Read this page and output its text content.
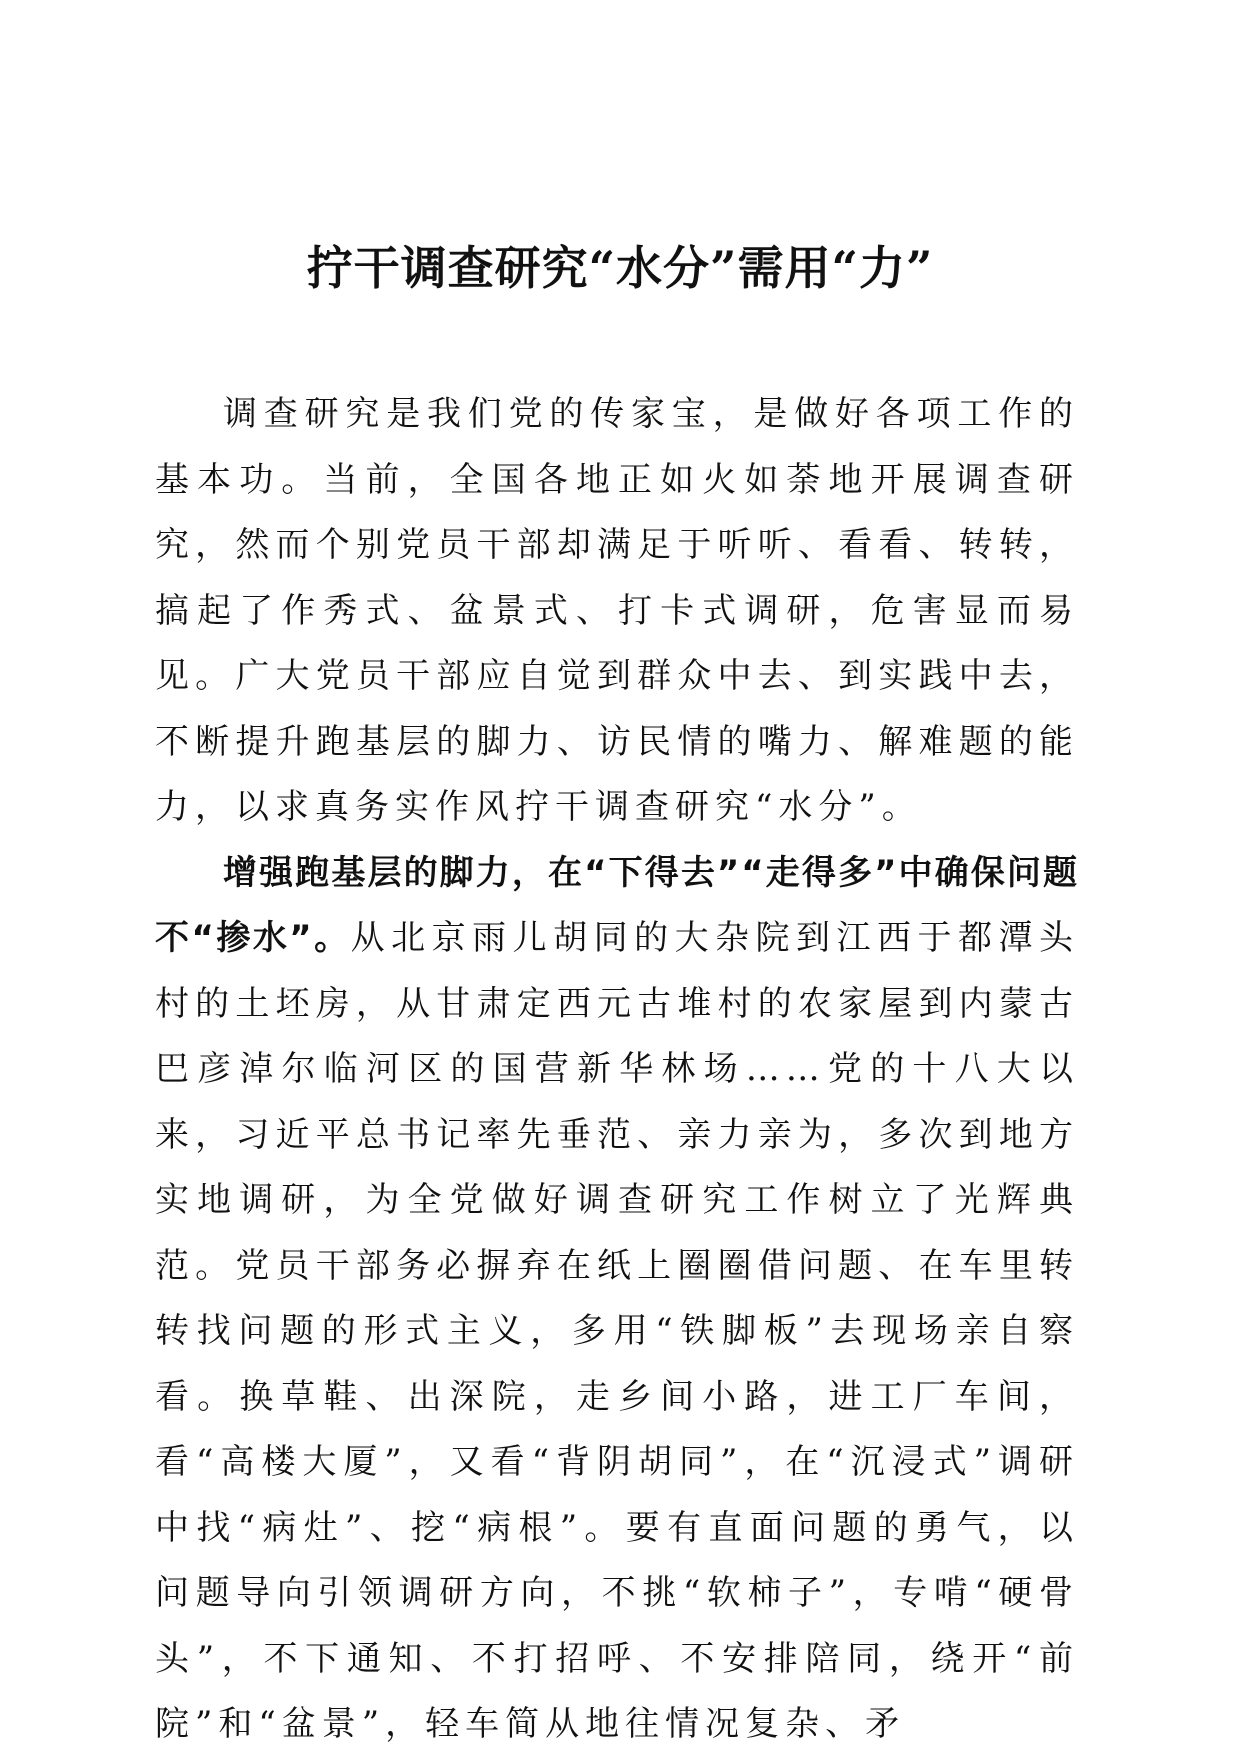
拧干调查研究“水分”需用“力”

调查研究是我们党的传家宝，是做好各项工作的基本功。当前，全国各地正如火如荼地开展调查研究，然而个别党员干部却满足于听听、看看、转转，搞起了作秀式、盆景式、打卡式调研，危害显而易见。广大党员干部应自觉到群众中去、到实践中去，不断提升跑基层的脚力、访民情的嘴力、解难题的能力，以求真务实作风拧干调查研究“水分”。

增强跑基层的脚力，在“下得去”“走得多”中确保问题不“掺水”。从北京雨儿胡同的大杂院到江西于都潭头村的土坯房，从甘肃定西元古堆村的农家屋到内蒙古巴彦淖尔临河区的国营新华林场……党的十八大以来，习近平总书记率先垂范、亲力亲为，多次到地方实地调研，为全党做好调查研究工作树立了光辉典范。党员干部务必摒弃在纸上圈圈借问题、在车里转转找问题的形式主义，多用“铁脚板”去现场亲自察看。换草鞋、出深院，走乡间小路，进工厂车间，看“高楼大厦”，又看“背阴胡同”，在“沉浸式”调研中找“病灶”、挖“病根”。要有直面问题的勇气，以问题导向引领调研方向，不挑“软柿子”，专啃“硬骨头”，不下通知、不打招呼、不安排陪同，绕开“前院”和“盆景”，轻车简从地往情况复杂、矛
